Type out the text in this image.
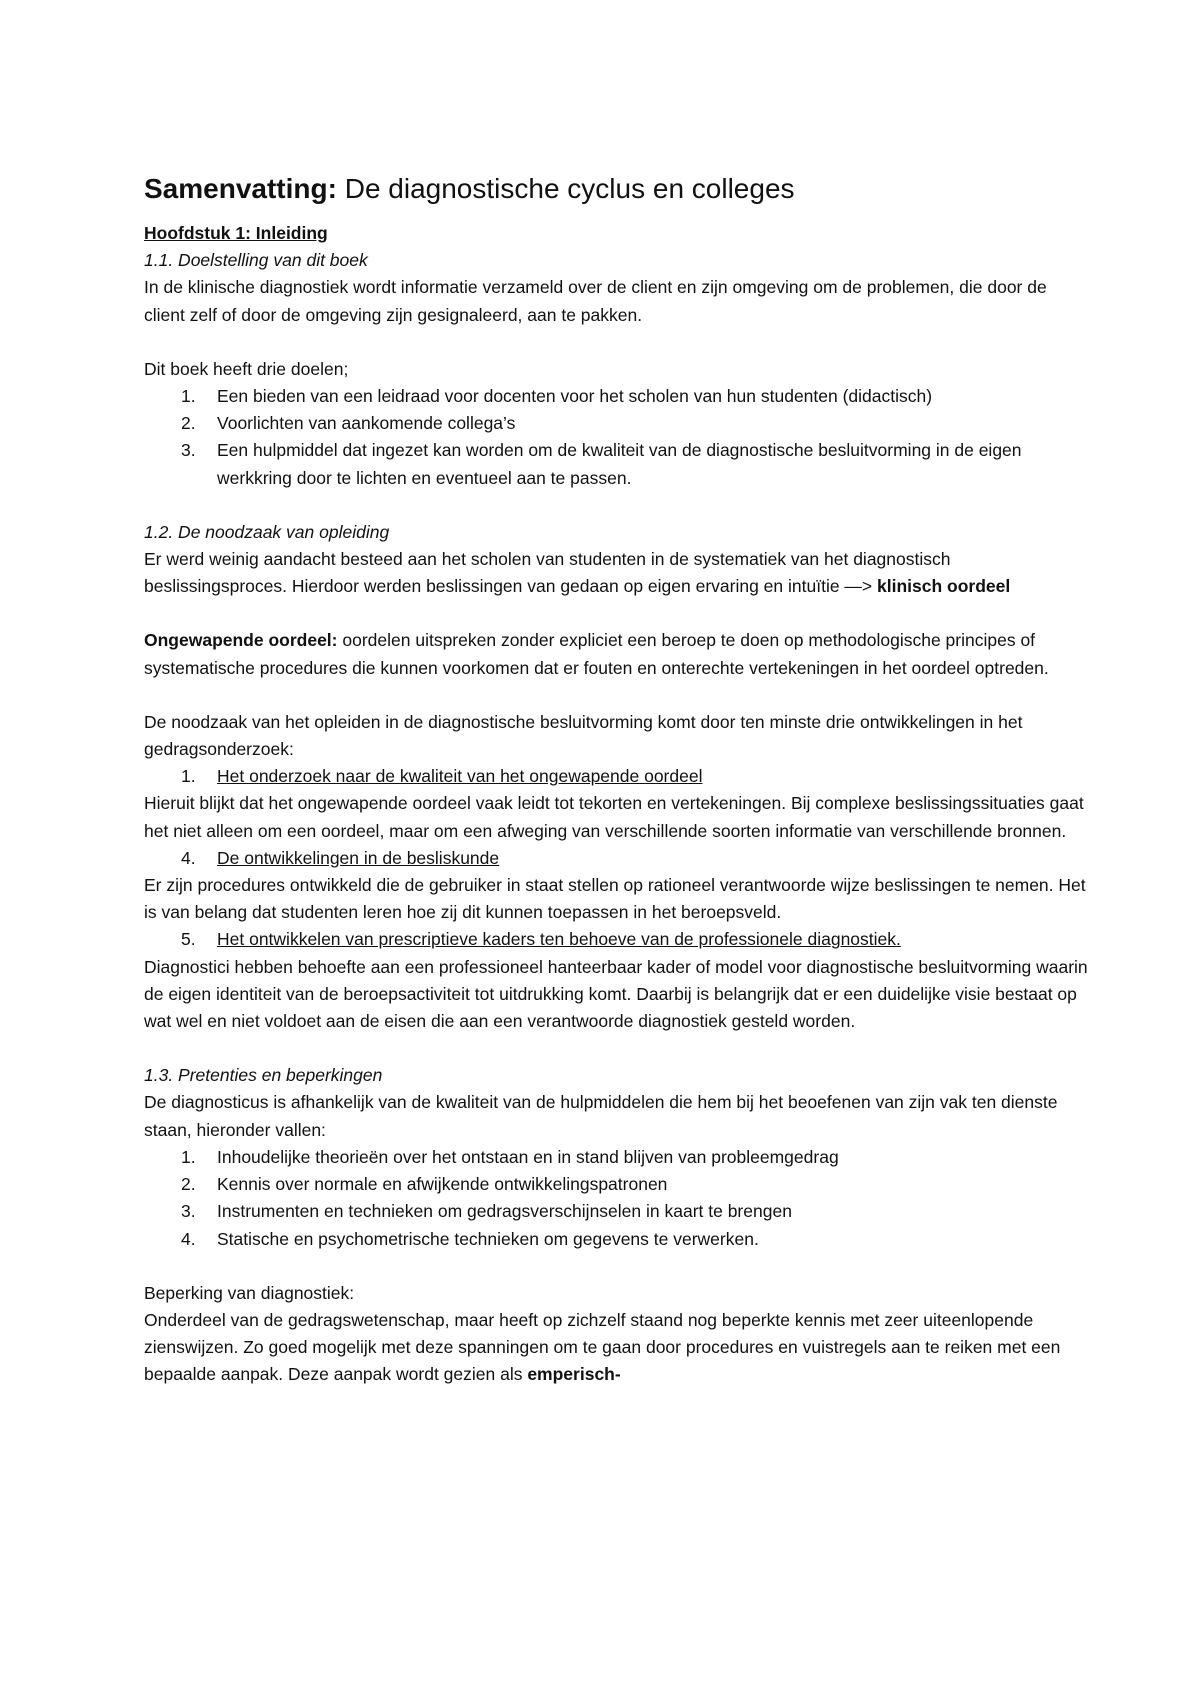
Samenvatting: De diagnostische cyclus en colleges

Hoofdstuk 1: Inleiding

1.1. Doelstelling van dit boek

In de klinische diagnostiek wordt informatie verzameld over de client en zijn omgeving om de problemen, die door de client zelf of door de omgeving zijn gesignaleerd, aan te pakken.

Dit boek heeft drie doelen;

1. Een bieden van een leidraad voor docenten voor het scholen van hun studenten (didactisch)
2. Voorlichten van aankomende collega’s
3. Een hulpmiddel dat ingezet kan worden om de kwaliteit van de diagnostische besluitvorming in de eigen werkkring door te lichten en eventueel aan te passen.

1.2. De noodzaak van opleiding

Er werd weinig aandacht besteed aan het scholen van studenten in de systematiek van het diagnostisch beslissingsproces. Hierdoor werden beslissingen van gedaan op eigen ervaring en intuïtie —> klinisch oordeel

Ongewapende oordeel: oordelen uitspreken zonder expliciet een beroep te doen op methodologische principes of systematische procedures die kunnen voorkomen dat er fouten en onterechte vertekeningen in het oordeel optreden.

De noodzaak van het opleiden in de diagnostische besluitvorming komt door ten minste drie ontwikkelingen in het gedragsonderzoek:

1. Het onderzoek naar de kwaliteit van het ongewapende oordeel

Hieruit blijkt dat het ongewapende oordeel vaak leidt tot tekorten en vertekeningen. Bij complexe beslissingssituaties gaat het niet alleen om een oordeel, maar om een afweging van verschillende soorten informatie van verschillende bronnen.

4. De ontwikkelingen in de besliskunde

Er zijn procedures ontwikkeld die de gebruiker in staat stellen op rationeel verantwoorde wijze beslissingen te nemen. Het is van belang dat studenten leren hoe zij dit kunnen toepassen in het beroepsveld.

5. Het ontwikkelen van prescriptieve kaders ten behoeve van de professionele diagnostiek.

Diagnostici hebben behoefte aan een professioneel hanteerbaar kader of model voor diagnostische besluitvorming waarin de eigen identiteit van de beroepsactiviteit tot uitdrukking komt. Daarbij is belangrijk dat er een duidelijke visie bestaat op wat wel en niet voldoet aan de eisen die aan een verantwoorde diagnostiek gesteld worden.

1.3. Pretenties en beperkingen

De diagnosticus is afhankelijk van de kwaliteit van de hulpmiddelen die hem bij het beoefenen van zijn vak ten dienste staan, hieronder vallen:

1. Inhoudelijke theorieën over het ontstaan en in stand blijven van probleemgedrag
2. Kennis over normale en afwijkende ontwikkelingspatronen
3. Instrumenten en technieken om gedragsverschijnselen in kaart te brengen
4. Statische en psychometrische technieken om gegevens te verwerken.

Beperking van diagnostiek:

Onderdeel van de gedragswetenschap, maar heeft op zichzelf staand nog beperkte kennis met zeer uiteenlopende zienswijzen. Zo goed mogelijk met deze spanningen om te gaan door procedures en vuistregels aan te reiken met een bepaalde aanpak. Deze aanpak wordt gezien als emperisch-
